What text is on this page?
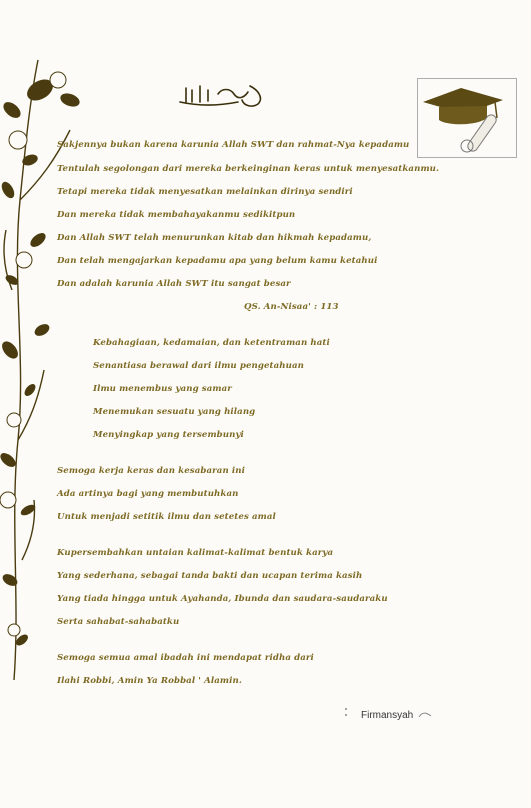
Sakjennya bukan karena karunia Allah SWT dan rahmat-Nya kepadamu
Tentulah segolongan dari mereka berkeinginan keras untuk menyesatkanmu.
Tetapi mereka tidak menyesatkan melainkan dirinya sendiri
Dan mereka tidak membahayakanmu sedikitpun
Dan Allah SWT telah menurunkan kitab dan hikmah kepadamu,
Dan telah mengajarkan kepadamu apa yang belum kamu ketahui
Dan adalah karunia Allah SWT itu sangat besar
QS. An-Nisaa' : 113
Kebahagiaan, kedamaian, dan ketentraman hati
Senantiasa berawal dari ilmu pengetahuan
Ilmu menembus yang samar
Menemukan sesuatu yang hilang
Menyingkap yang tersembunyi
Semoga kerja keras dan kesabaran ini
Ada artinya bagi yang membutuhkan
Untuk menjadi setitik ilmu dan setetes amal
Kupersembahkan untaian kalimat-kalimat bentuk karya
Yang sederhana, sebagai tanda bakti dan ucapan terima kasih
Yang tiada hingga untuk Ayahanda, Ibunda dan saudara-saudaraku
Serta sahabat-sahabatku
Semoga semua amal ibadah ini mendapat ridha dari
Ilahi Robbi, Amin Ya Robbal ' Alamin.
Firmansyah
